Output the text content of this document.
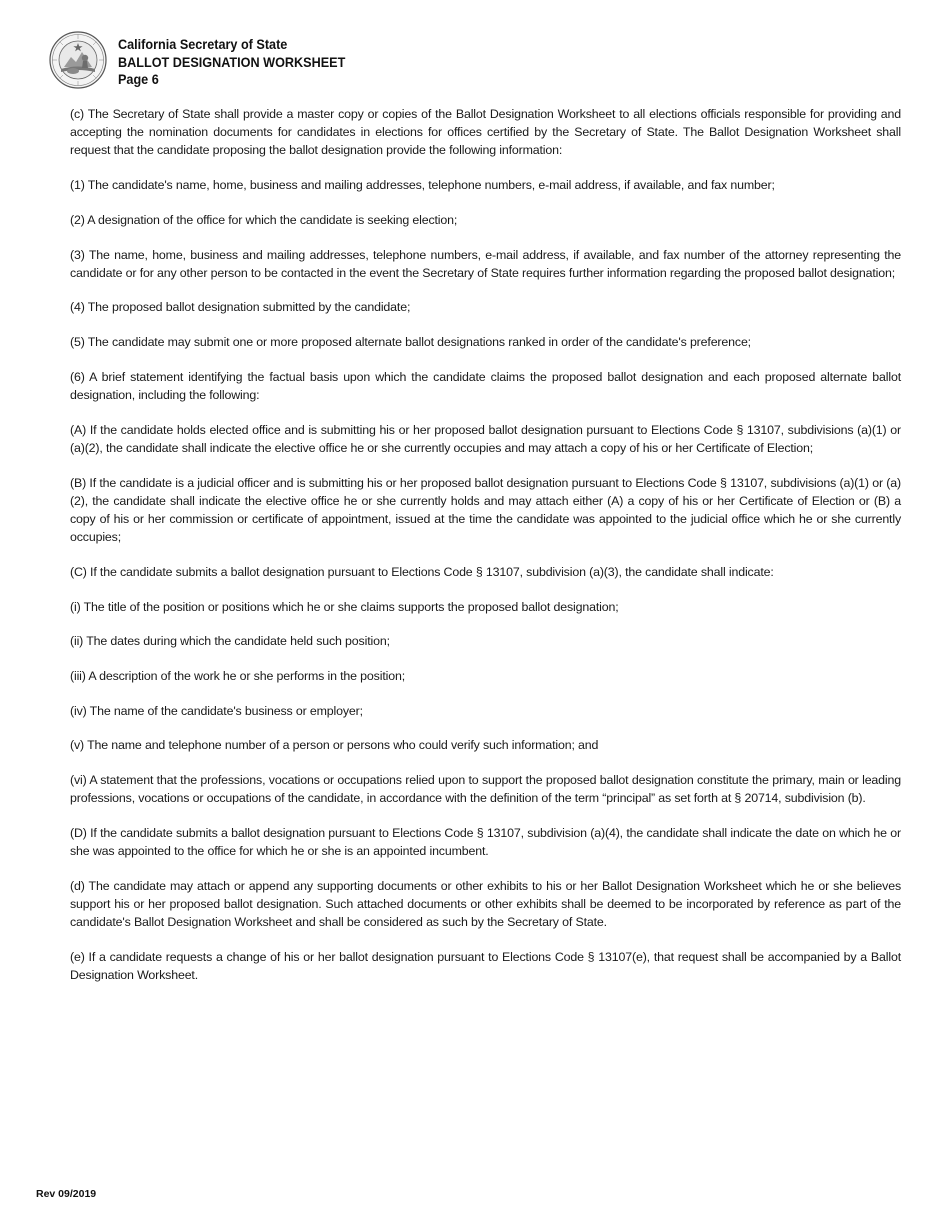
California Secretary of State
BALLOT DESIGNATION WORKSHEET
Page 6

(c) The Secretary of State shall provide a master copy or copies of the Ballot Designation Worksheet to all elections officials responsible for providing and accepting the nomination documents for candidates in elections for offices certified by the Secretary of State. The Ballot Designation Worksheet shall request that the candidate proposing the ballot designation provide the following information:

(1) The candidate's name, home, business and mailing addresses, telephone numbers, e-mail address, if available, and fax number;

(2) A designation of the office for which the candidate is seeking election;

(3) The name, home, business and mailing addresses, telephone numbers, e-mail address, if available, and fax number of the attorney representing the candidate or for any other person to be contacted in the event the Secretary of State requires further information regarding the proposed ballot designation;

(4) The proposed ballot designation submitted by the candidate;

(5) The candidate may submit one or more proposed alternate ballot designations ranked in order of the candidate's preference;

(6) A brief statement identifying the factual basis upon which the candidate claims the proposed ballot designation and each proposed alternate ballot designation, including the following:

(A) If the candidate holds elected office and is submitting his or her proposed ballot designation pursuant to Elections Code § 13107, subdivisions (a)(1) or (a)(2), the candidate shall indicate the elective office he or she currently occupies and may attach a copy of his or her Certificate of Election;

(B) If the candidate is a judicial officer and is submitting his or her proposed ballot designation pursuant to Elections Code § 13107, subdivisions (a)(1) or (a)(2), the candidate shall indicate the elective office he or she currently holds and may attach either (A) a copy of his or her Certificate of Election or (B) a copy of his or her commission or certificate of appointment, issued at the time the candidate was appointed to the judicial office which he or she currently occupies;

(C) If the candidate submits a ballot designation pursuant to Elections Code § 13107, subdivision (a)(3), the candidate shall indicate:

(i) The title of the position or positions which he or she claims supports the proposed ballot designation;

(ii) The dates during which the candidate held such position;

(iii) A description of the work he or she performs in the position;

(iv) The name of the candidate's business or employer;

(v) The name and telephone number of a person or persons who could verify such information; and

(vi) A statement that the professions, vocations or occupations relied upon to support the proposed ballot designation constitute the primary, main or leading professions, vocations or occupations of the candidate, in accordance with the definition of the term “principal” as set forth at § 20714, subdivision (b).

(D) If the candidate submits a ballot designation pursuant to Elections Code § 13107, subdivision (a)(4), the candidate shall indicate the date on which he or she was appointed to the office for which he or she is an appointed incumbent.

(d) The candidate may attach or append any supporting documents or other exhibits to his or her Ballot Designation Worksheet which he or she believes support his or her proposed ballot designation. Such attached documents or other exhibits shall be deemed to be incorporated by reference as part of the candidate's Ballot Designation Worksheet and shall be considered as such by the Secretary of State.

(e) If a candidate requests a change of his or her ballot designation pursuant to Elections Code § 13107(e), that request shall be accompanied by a Ballot Designation Worksheet.

Rev 09/2019
